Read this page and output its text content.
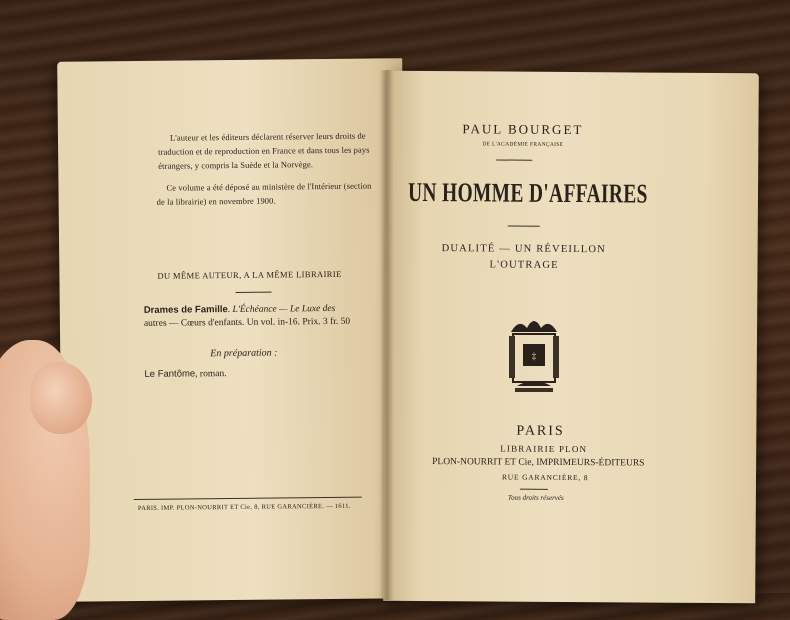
L'auteur et les éditeurs déclarent réserver leurs droits de
traduction et de reproduction en France et dans tous les pays
étrangers, y compris la Suède et la Norvège.
Ce volume a été déposé au ministère de l'Intérieur (section
de la librairie) en novembre 1900.
DU MÊME AUTEUR, A LA MÊME LIBRAIRIE
Drames de Famille. L'Échéance — Le Luxe des
autres — Cœurs d'enfants. Un vol. in-16. Prix. 3 fr. 50
En préparation :
Le Fantôme, roman.
PARIS. IMP. PLON-NOURRIT ET Cie, 8, RUE GARANCIÈRE. — 1611.
PAUL BOURGET
DE L'ACADÉMIE FRANÇAISE
UN HOMME D'AFFAIRES
DUALITÉ — UN RÉVEILLON
L'OUTRAGE
PARIS
LIBRAIRIE PLON
PLON-NOURRIT ET Cie, IMPRIMEURS-ÉDITEURS
RUE GARANCIÈRE, 8
Tous droits réservés
‡
